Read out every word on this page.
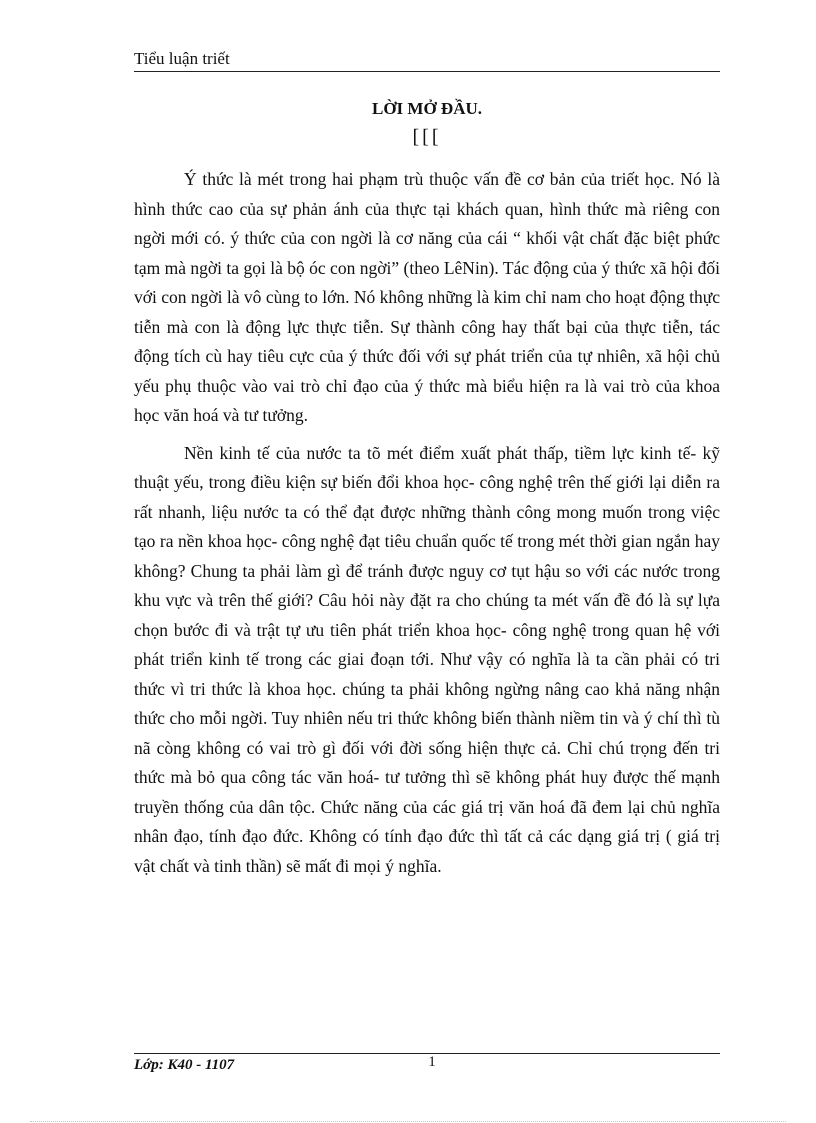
Tiểu luận triết
LỜI MỞ ĐẦU.
[[[

Ý thức là mét trong hai phạm trù thuộc vấn đề cơ bản của triết học. Nó là hình thức cao của sự phản ánh của thực tại khách quan, hình thức mà riêng con ngời mới có. ý thức của con ngời là cơ năng của cái “ khối vật chất đặc biệt phức tạm mà ngời ta gọi là bộ óc con ngời” (theo LêNin). Tác động của ý thức xã hội đối với con ngời là vô cùng to lớn. Nó không những là kim chỉ nam cho hoạt động thực tiễn mà con là động lực thực tiễn. Sự thành công hay thất bại của thực tiễn, tác động tích cù hay tiêu cực của ý thức đối với sự phát triển của tự nhiên, xã hội chủ yếu phụ thuộc vào vai trò chỉ đạo của ý thức mà biểu hiện ra là vai trò của khoa học văn hoá và tư tưởng.

Nền kinh tế của nước ta tõ mét điểm xuất phát thấp, tiềm lực kinh tế- kỹ thuật yếu, trong điều kiện sự biến đổi khoa học- công nghệ trên thế giới lại diễn ra rất nhanh, liệu nước ta có thể đạt được những thành công mong muốn trong việc tạo ra nền khoa học- công nghệ đạt tiêu chuẩn quốc tế trong mét thời gian ngắn hay không? Chung ta phải làm gì để tránh được nguy cơ tụt hậu so với các nước trong khu vực và trên thế giới? Câu hỏi này đặt ra cho chúng ta mét vấn đề đó là sự lựa chọn bước đi và trật tự ưu tiên phát triển khoa học- công nghệ trong quan hệ với phát triển kinh tế trong các giai đoạn tới. Như vậy có nghĩa là ta cần phải có tri thức vì tri thức là khoa học. chúng ta phải không ngừng nâng cao khả năng nhận thức cho mỗi ngời. Tuy nhiên nếu tri thức không biến thành niềm tin và ý chí thì tù nã còng không có vai trò gì đối với đời sống hiện thực cả. Chỉ chú trọng đến tri thức mà bỏ qua công tác văn hoá- tư tưởng thì sẽ không phát huy được thế mạnh truyền thống của dân tộc. Chức năng của các giá trị văn hoá đã đem lại chủ nghĩa nhân đạo, tính đạo đức. Không có tính đạo đức thì tất cả các dạng giá trị ( giá trị vật chất và tinh thần) sẽ mất đi mọi ý nghĩa.

Lớp: K40 - 1107	1
